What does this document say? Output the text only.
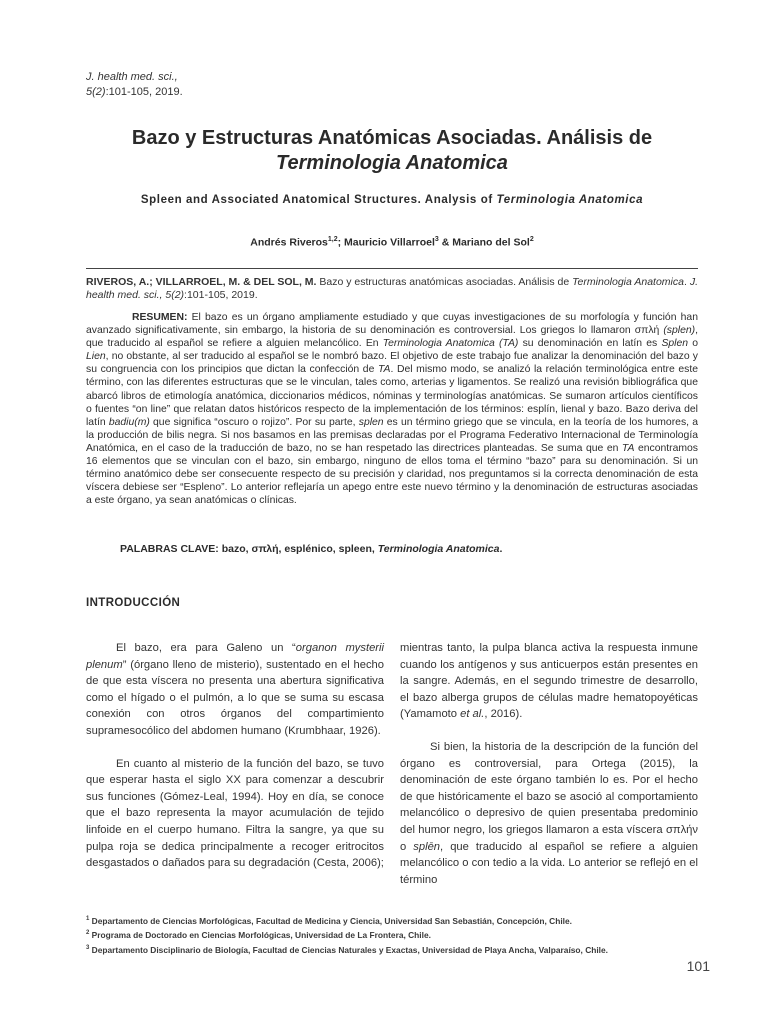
J. health med. sci.,
5(2):101-105, 2019.
Bazo y Estructuras Anatómicas Asociadas. Análisis de
Terminologia Anatomica
Spleen and Associated Anatomical Structures. Analysis of Terminologia Anatomica
Andrés Riveros$^{1,2}$; Mauricio Villarroel$^3$ & Mariano del Sol$^2$
RIVEROS, A.; VILLARROEL, M. & DEL SOL, M. Bazo y estructuras anatómicas asociadas. Análisis de Terminologia Anatomica. J. health med. sci., 5(2):101-105, 2019.
RESUMEN: El bazo es un órgano ampliamente estudiado y que cuyas investigaciones de su morfología y función han avanzado significativamente, sin embargo, la historia de su denominación es controversial. Los griegos lo llamaron σπλή (splen), que traducido al español se refiere a alguien melancólico. En Terminologia Anatomica (TA) su denominación en latín es Splen o Lien, no obstante, al ser traducido al español se le nombró bazo. El objetivo de este trabajo fue analizar la denominación del bazo y su congruencia con los principios que dictan la confección de TA. Del mismo modo, se analizó la relación terminológica entre este término, con las diferentes estructuras que se le vinculan, tales como, arterias y ligamentos. Se realizó una revisión bibliográfica que abarcó libros de etimología anatómica, diccionarios médicos, nóminas y terminologías anatómicas. Se sumaron artículos científicos o fuentes “on line” que relatan datos históricos respecto de la implementación de los términos: esplín, lienal y bazo. Bazo deriva del latín badiu(m) que significa “oscuro o rojizo”. Por su parte, splen es un término griego que se vincula, en la teoría de los humores, a la producción de bilis negra. Si nos basamos en las premisas declaradas por el Programa Federativo Internacional de Terminología Anatómica, en el caso de la traducción de bazo, no se han respetado las directrices planteadas. Se suma que en TA encontramos 16 elementos que se vinculan con el bazo, sin embargo, ninguno de ellos toma el término “bazo” para su denominación. Si un término anatómico debe ser consecuente respecto de su precisión y claridad, nos preguntamos si la correcta denominación de esta víscera debiese ser “Espleno”. Lo anterior reflejaría un apego entre este nuevo término y la denominación de estructuras asociadas a este órgano, ya sean anatómicas o clínicas.
PALABRAS CLAVE: bazo, σπλή, esplénico, spleen, Terminologia Anatomica.
INTRODUCCIÓN

El bazo, era para Galeno un “organon mysterii plenum” (órgano lleno de misterio), sustentado en el hecho de que esta víscera no presenta una abertura significativa como el hígado o el pulmón, a lo que se suma su escasa conexión con otros órganos del compartimiento supramesocólico del abdomen humano (Krumbhaar, 1926).

En cuanto al misterio de la función del bazo, se tuvo que esperar hasta el siglo XX para comenzar a descubrir sus funciones (Gómez-Leal, 1994). Hoy en día, se conoce que el bazo representa la mayor acumulación de tejido linfoide en el cuerpo humano. Filtra la sangre, ya que su pulpa roja se dedica principalmente a recoger eritrocitos desgastados o dañados para su degradación (Cesta, 2006);

mientras tanto, la pulpa blanca activa la respuesta inmune cuando los antígenos y sus anticuerpos están presentes en la sangre. Además, en el segundo trimestre de desarrollo, el bazo alberga grupos de células madre hematopoyéticas (Yamamoto et al., 2016).

Si bien, la historia de la descripción de la función del órgano es controversial, para Ortega (2015), la denominación de este órgano también lo es. Por el hecho de que históricamente el bazo se asoció al comportamiento melancólico o depresivo de quien presentaba predominio del humor negro, los griegos llamaron a esta víscera σπλήν o splēn, que traducido al español se refiere a alguien melancólico o con tedio a la vida. Lo anterior se reflejó en el término

$^1$ Departamento de Ciencias Morfológicas, Facultad de Medicina y Ciencia, Universidad San Sebastián, Concepción, Chile.
$^2$ Programa de Doctorado en Ciencias Morfológicas, Universidad de La Frontera, Chile.
$^3$ Departamento Disciplinario de Biología, Facultad de Ciencias Naturales y Exactas, Universidad de Playa Ancha, Valparaíso, Chile.
101
